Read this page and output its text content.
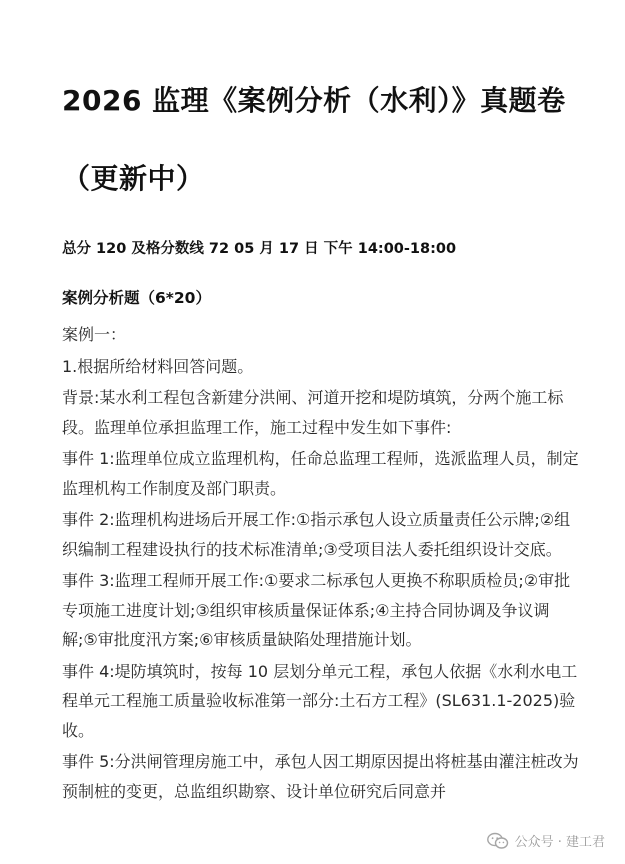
2026 监理《案例分析（水利）》真题卷（更新中）
总分 120 及格分数线 72 05 月 17 日 下午 14:00-18:00
案例分析题（6*20）

案例一：

1.根据所给材料回答问题。

背景:某水利工程包含新建分洪闸、河道开挖和堤防填筑，分两个施工标段。监理单位承担监理工作，施工过程中发生如下事件:

事件 1:监理单位成立监理机构，任命总监理工程师，选派监理人员，制定监理机构工作制度及部门职责。

事件 2:监理机构进场后开展工作:①指示承包人设立质量责任公示牌;②组织编制工程建设执行的技术标准清单;③受项目法人委托组织设计交底。

事件 3:监理工程师开展工作:①要求二标承包人更换不称职质检员;②审批专项施工进度计划;③组织审核质量保证体系;④主持合同协调及争议调解;⑤审批度汛方案;⑥审核质量缺陷处理措施计划。

事件 4:堤防填筑时，按每 10 层划分单元工程，承包人依据《水利水电工程单元工程施工质量验收标准第一部分:土石方工程》(SL631.1-2025)验收。

事件 5:分洪闸管理房施工中，承包人因工期原因提出将桩基由灌注桩改为预制桩的变更，总监组织勘察、设计单位研究后同意并

公众号 · 建工君
